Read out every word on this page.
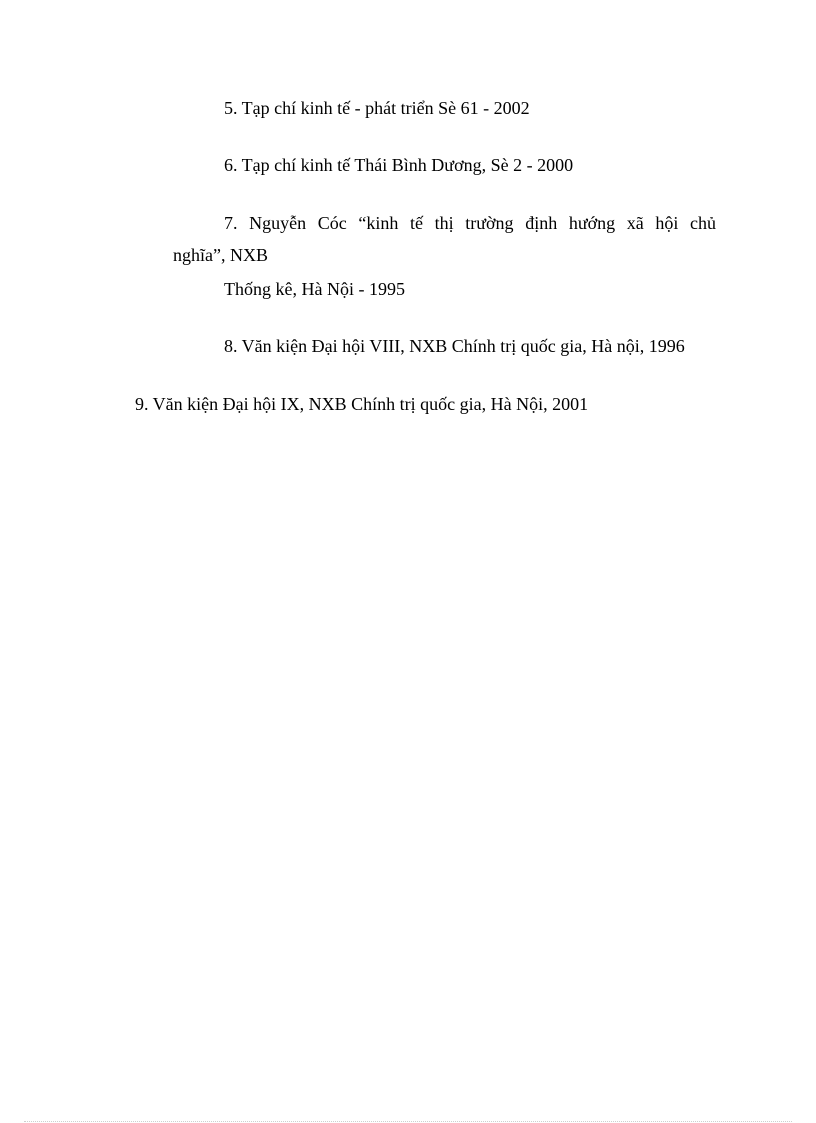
5. Tạp chí kinh tế - phát triển Sè 61 - 2002
6. Tạp chí kinh tế Thái Bình Dương, Sè 2 - 2000
7. Nguyễn Cóc “kinh tế thị trường định hướng xã hội chủ
nghĩa”, NXB
Thống kê, Hà Nội - 1995
8. Văn kiện Đại hội VIII, NXB Chính trị quốc gia, Hà nội, 1996
9. Văn kiện Đại hội IX, NXB Chính trị quốc gia, Hà Nội, 2001
